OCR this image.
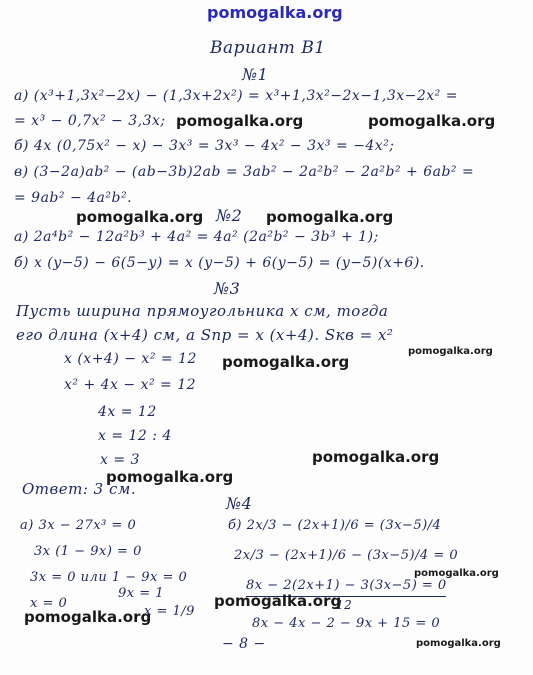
pomogalka.org
Вариант В1
№1
а) (x³+1,3x²−2x) − (1,3x+2x²) = x³+1,3x²−2x−1,3x−2x² =
= x³ − 0,7x² − 3,3x; pomogalka.org	pomogalka.org
б) 4x (0,75x² − x) − 3x³ = 3x³ − 4x² − 3x³ = −4x²;
в) (3−2a)ab² − (ab−3b)2ab = 3ab² − 2a²b² − 2a²b² + 6ab² =
= 9ab² − 4a²b².
pomogalka.org №2 pomogalka.org
а) 2a⁴b² − 12a²b³ + 4a² = 4a² (2a²b² − 3b³ + 1);
б) x (y−5) − 6(5−y) = x (y−5) + 6(y−5) = (y−5)(x+6).
№3
Пусть ширина прямоугольника x см, тогда
его длина (x+4) см, а Sпр = x (x+4). Sкв = x²
pomogalka.org
x (x+4) − x² = 12 pomogalka.org
x² + 4x − x² = 12
4x = 12
x = 12 : 4
pomogalka.org
x = 3
pomogalka.org
Ответ: 3 см.
№4
а) 3x − 27x³ = 0	б) 2x/3 − (2x+1)/6 = (3x−5)/4
3x (1 − 9x) = 0	2x/3 − (2x+1)/6 − (3x−5)/4 = 0
3x = 0 или 1 − 9x = 0	pomogalka.org
8x − 2(2x+1) − 3(3x−5) = 0
9x = 1	pomogalka.org
12
x = 0
x = 1/9
pomogalka.org	8x − 4x − 2 − 9x + 15 = 0
pomogalka.org
− 8 −
